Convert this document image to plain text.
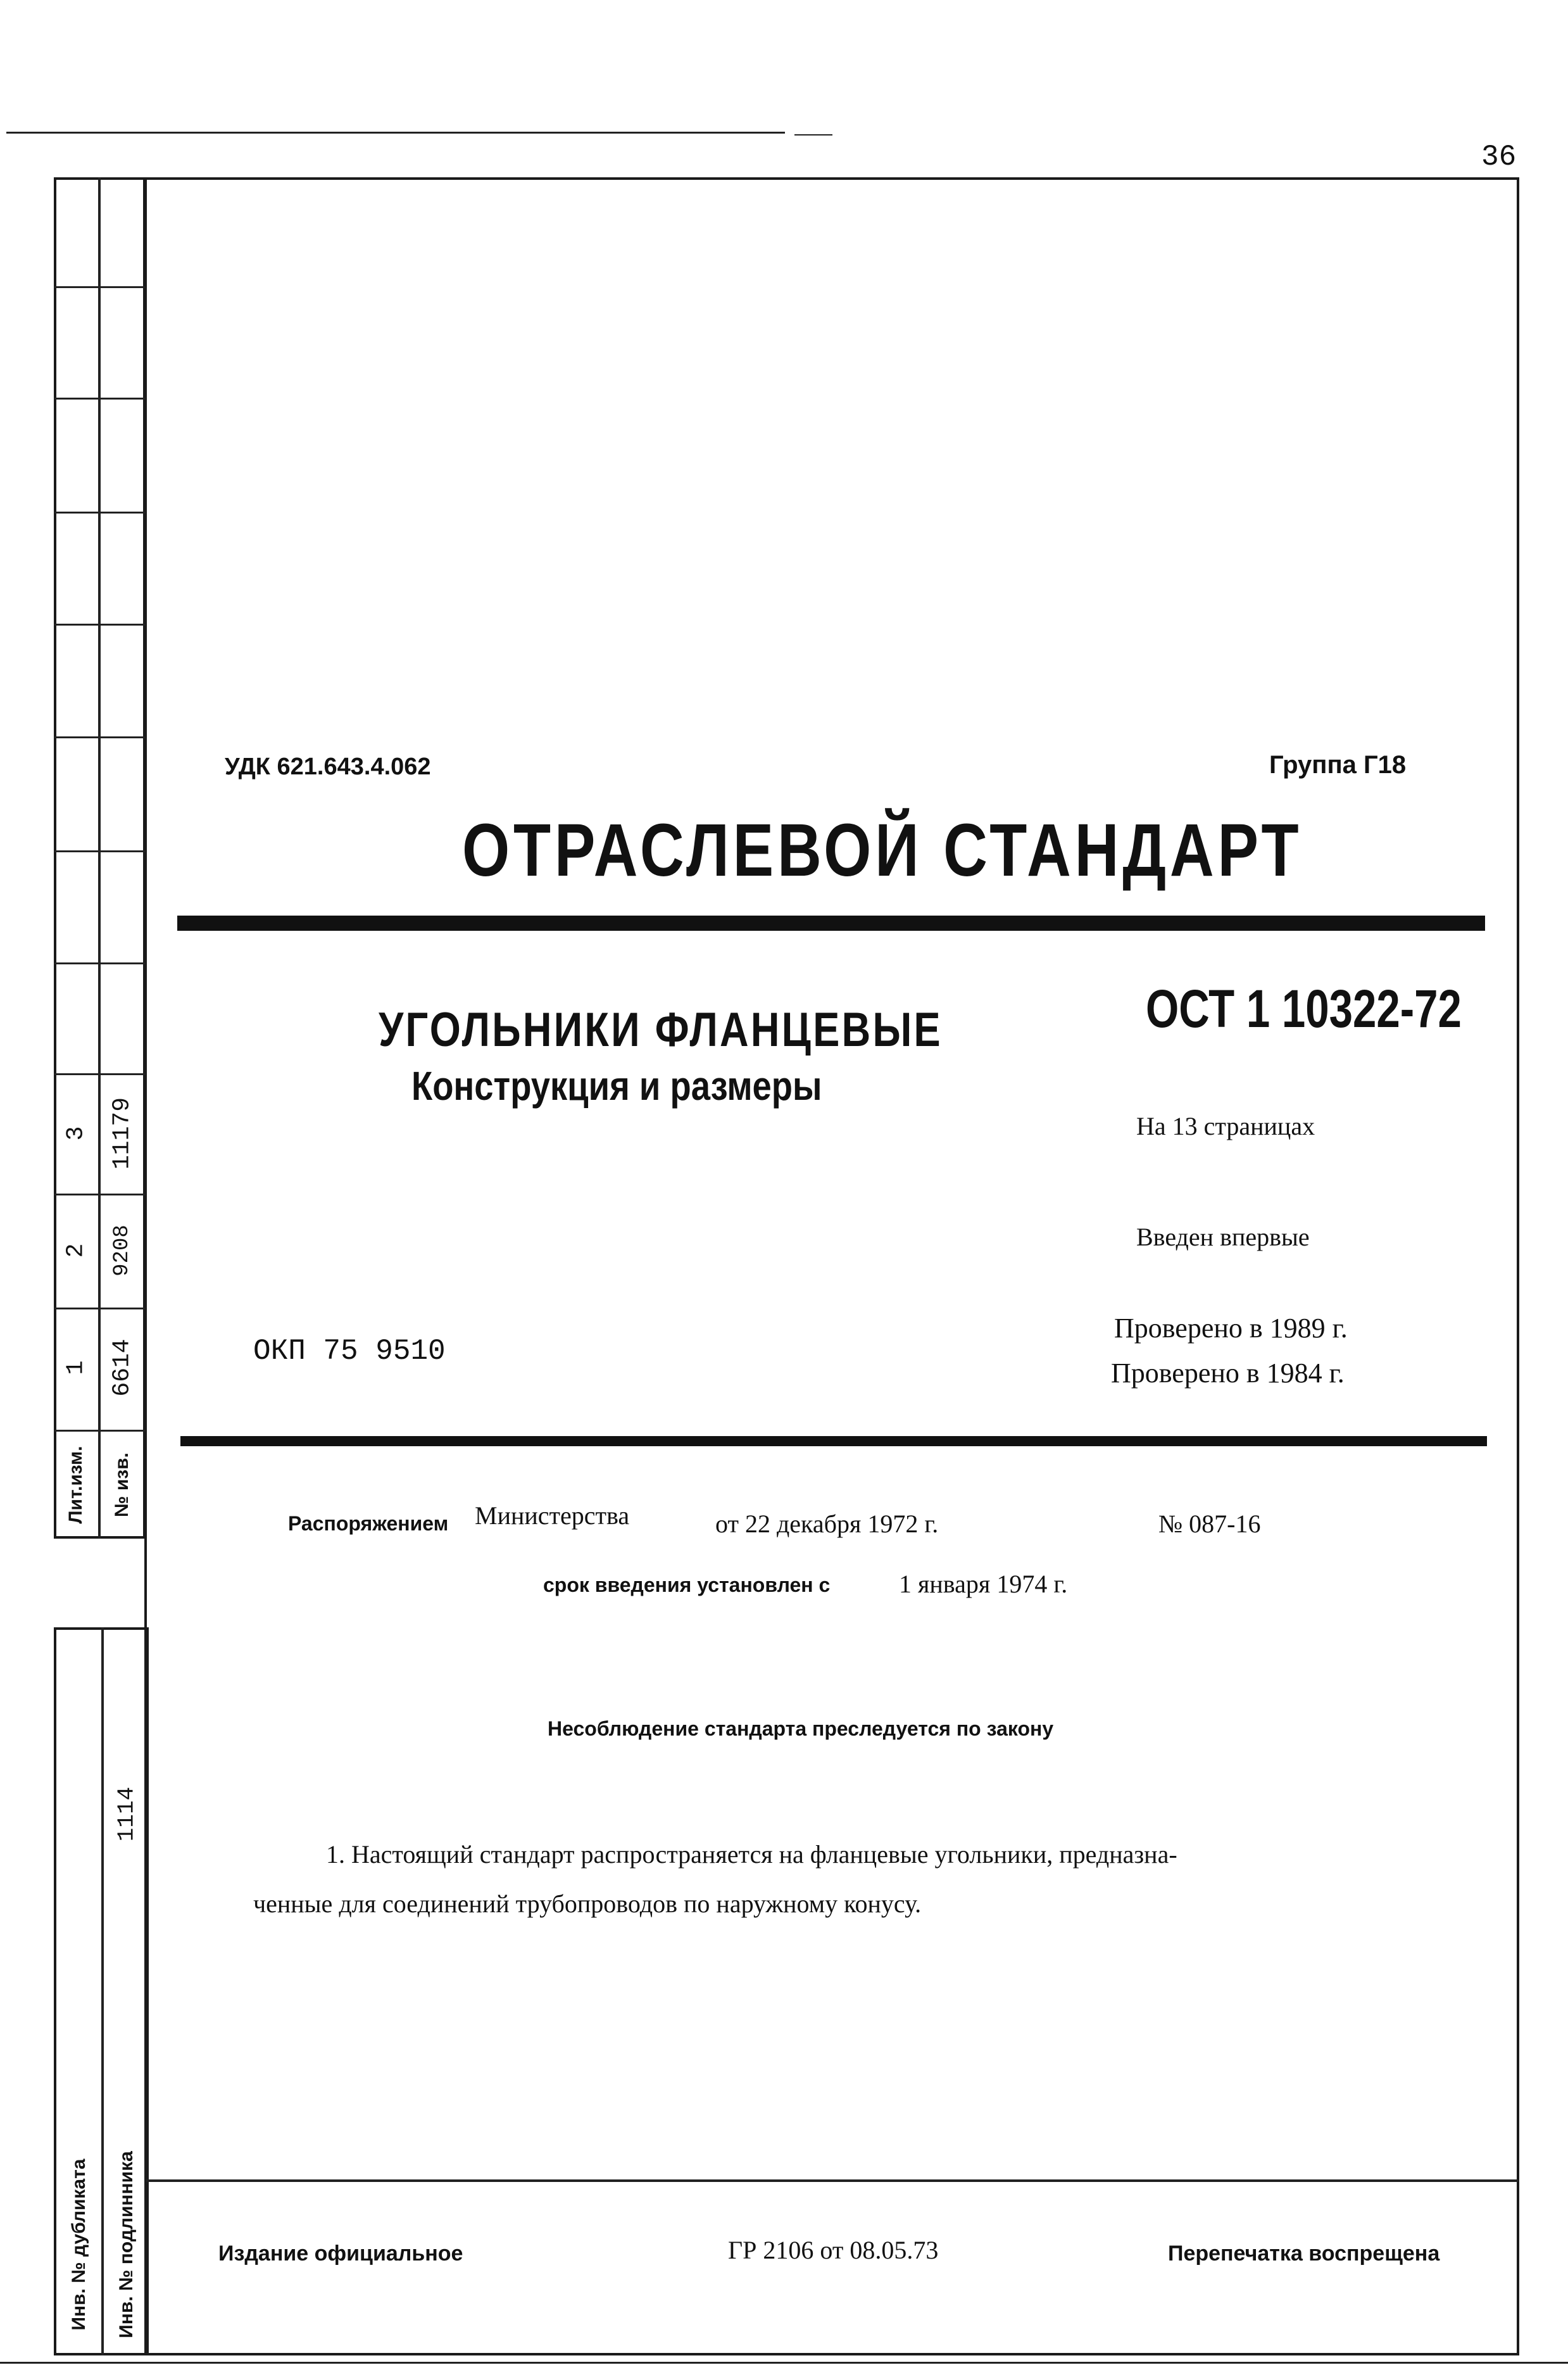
36
3 11179
2 9208
1 6614
Лит.изм. № изв.
1114
Инв. № дубликата Инв. № подлинника
УДК 621.643.4.062	Группа Г18
ОТРАСЛЕВОЙ СТАНДАРТ
УГОЛЬНИКИ ФЛАНЦЕВЫЕ
Конструкция и размеры
ОСТ 1 10322-72
На 13 страницах
Введен впервые
ОКП 75 9510
Проверено в 1989 г.
Проверено в 1984 г.
Распоряжением Министерства	от 22 декабря 1972 г.	№ 087-16
срок введения установлен с	1 января 1974 г.
Несоблюдение стандарта преследуется по закону
1. Настоящий стандарт распространяется на фланцевые угольники, предназна-
ченные для соединений трубопроводов по наружному конусу.
Издание официальное	ГР 2106 от 08.05.73	Перепечатка воспрещена
